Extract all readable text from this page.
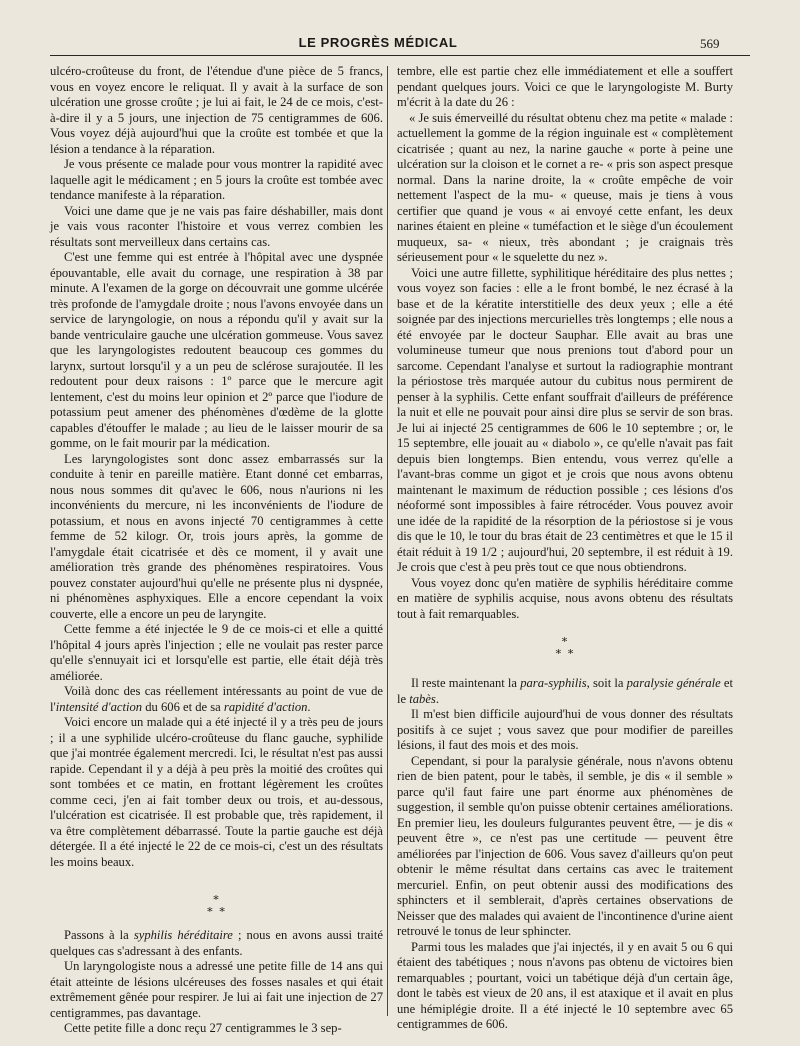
LE PROGRÈS MÉDICAL	569

ulcéro-croûteuse du front, de l'étendue d'une pièce de 5 francs, vous en voyez encore le reliquat. Il y avait à la surface de son ulcération une grosse croûte ; je lui ai fait, le 24 de ce mois, c'est-à-dire il y a 5 jours, une injection de 75 centigrammes de 606. Vous voyez déjà aujourd'hui que la croûte est tombée et que la lésion a tendance à la réparation.

Je vous présente ce malade pour vous montrer la rapidité avec laquelle agit le médicament ; en 5 jours la croûte est tombée avec tendance manifeste à la réparation.

Voici une dame que je ne vais pas faire déshabiller, mais dont je vais vous raconter l'histoire et vous verrez combien les résultats sont merveilleux dans certains cas.

C'est une femme qui est entrée à l'hôpital avec une dyspnée épouvantable, elle avait du cornage, une respiration à 38 par minute. A l'examen de la gorge on découvrait une gomme ulcérée très profonde de l'amygdale droite ; nous l'avons envoyée dans un service de laryngologie, on nous a répondu qu'il y avait sur la bande ventriculaire gauche une ulcération gommeuse. Vous savez que les laryngologistes redoutent beaucoup ces gommes du larynx, surtout lorsqu'il y a un peu de sclérose surajoutée. Il les redoutent pour deux raisons : 1º parce que le mercure agit lentement, c'est du moins leur opinion et 2º parce que l'iodure de potassium peut amener des phénomènes d'œdème de la glotte capables d'étouffer le malade ; au lieu de le laisser mourir de sa gomme, on le fait mourir par la médication.

Les laryngologistes sont donc assez embarrassés sur la conduite à tenir en pareille matière. Etant donné cet embarras, nous nous sommes dit qu'avec le 606, nous n'aurions ni les inconvénients du mercure, ni les inconvénients de l'iodure de potassium, et nous en avons injecté 70 centigrammes à cette femme de 52 kilogr. Or, trois jours après, la gomme de l'amygdale était cicatrisée et dès ce moment, il y avait une amélioration très grande des phénomènes respiratoires. Vous pouvez constater aujourd'hui qu'elle ne présente plus ni dyspnée, ni phénomènes asphyxiques. Elle a encore cependant la voix couverte, elle a encore un peu de laryngite.

Cette femme a été injectée le 9 de ce mois-ci et elle a quitté l'hôpital 4 jours après l'injection ; elle ne voulait pas rester parce qu'elle s'ennuyait ici et lorsqu'elle est partie, elle était déjà très améliorée.

Voilà donc des cas réellement intéressants au point de vue de l'intensité d'action du 606 et de sa rapidité d'action.

Voici encore un malade qui a été injecté il y a très peu de jours ; il a une syphilide ulcéro-croûteuse du flanc gauche, syphilide que j'ai montrée également mercredi. Ici, le résultat n'est pas aussi rapide. Cependant il y a déjà à peu près la moitié des croûtes qui sont tombées et ce matin, en frottant légèrement les croûtes comme ceci, j'en ai fait tomber deux ou trois, et au-dessous, l'ulcération est cicatrisée. Il est probable que, très rapidement, il va être complètement débarrassé. Toute la partie gauche est déjà détergée. Il a été injecté le 22 de ce mois-ci, c'est un des résultats les moins beaux.

∗
∗ ∗

Passons à la syphilis héréditaire ; nous en avons aussi traité quelques cas s'adressant à des enfants.

Un laryngologiste nous a adressé une petite fille de 14 ans qui était atteinte de lésions ulcéreuses des fosses nasales et qui était extrêmement gênée pour respirer. Je lui ai fait une injection de 27 centigrammes, pas davantage.

Cette petite fille a donc reçu 27 centigrammes le 3 sep-

tembre, elle est partie chez elle immédiatement et elle a souffert pendant quelques jours. Voici ce que le laryngologiste M. Burty m'écrit à la date du 26 :

« Je suis émerveillé du résultat obtenu chez ma petite « malade : actuellement la gomme de la région inguinale est « complètement cicatrisée ; quant au nez, la narine gauche « porte à peine une ulcération sur la cloison et le cornet a re- « pris son aspect presque normal. Dans la narine droite, la « croûte empêche de voir nettement l'aspect de la mu- « queuse, mais je tiens à vous certifier que quand je vous « ai envoyé cette enfant, les deux narines étaient en pleine « tuméfaction et le siège d'un écoulement muqueux, sa- « nieux, très abondant ; je craignais très sérieusement pour « le squelette du nez ».

Voici une autre fillette, syphilitique héréditaire des plus nettes ; vous voyez son facies : elle a le front bombé, le nez écrasé à la base et de la kératite interstitielle des deux yeux ; elle a été soignée par des injections mercurielles très longtemps ; elle nous a été envoyée par le docteur Sauphar. Elle avait au bras une volumineuse tumeur que nous prenions tout d'abord pour un sarcome. Cependant l'analyse et surtout la radiographie montrant la périostose très marquée autour du cubitus nous permirent de penser à la syphilis. Cette enfant souffrait d'ailleurs de préférence la nuit et elle ne pouvait pour ainsi dire plus se servir de son bras. Je lui ai injecté 25 centigrammes de 606 le 10 septembre ; or, le 15 septembre, elle jouait au « diabolo », ce qu'elle n'avait pas fait depuis bien longtemps. Bien entendu, vous verrez qu'elle a l'avant-bras comme un gigot et je crois que nous avons obtenu maintenant le maximum de réduction possible ; ces lésions d'os néoformé sont impossibles à faire rétrocéder. Vous pouvez avoir une idée de la rapidité de la résorption de la périostose si je vous dis que le 10, le tour du bras était de 23 centimètres et que le 15 il était réduit à 19 1/2 ; aujourd'hui, 20 septembre, il est réduit à 19. Je crois que c'est à peu près tout ce que nous obtiendrons.

Vous voyez donc qu'en matière de syphilis héréditaire comme en matière de syphilis acquise, nous avons obtenu des résultats tout à fait remarquables.

∗
∗ ∗

Il reste maintenant la para-syphilis, soit la paralysie générale et le tabès.

Il m'est bien difficile aujourd'hui de vous donner des résultats positifs à ce sujet ; vous savez que pour modifier de pareilles lésions, il faut des mois et des mois.

Cependant, si pour la paralysie générale, nous n'avons obtenu rien de bien patent, pour le tabès, il semble, je dis « il semble » parce qu'il faut faire une part énorme aux phénomènes de suggestion, il semble qu'on puisse obtenir certaines améliorations. En premier lieu, les douleurs fulgurantes peuvent être, — je dis « peuvent être », ce n'est pas une certitude — peuvent être améliorées par l'injection de 606. Vous savez d'ailleurs qu'on peut obtenir le même résultat dans certains cas avec le traitement mercuriel. Enfin, on peut obtenir aussi des modifications des sphincters et il semblerait, d'après certaines observations de Neisser que des malades qui avaient de l'incontinence d'urine aient retrouvé le tonus de leur sphincter.

Parmi tous les malades que j'ai injectés, il y en avait 5 ou 6 qui étaient des tabétiques ; nous n'avons pas obtenu de victoires bien remarquables ; pourtant, voici un tabétique déjà d'un certain âge, dont le tabès est vieux de 20 ans, il est ataxique et il avait en plus une hémiplégie droite. Il a été injecté le 10 septembre avec 65 centigrammes de 606.
